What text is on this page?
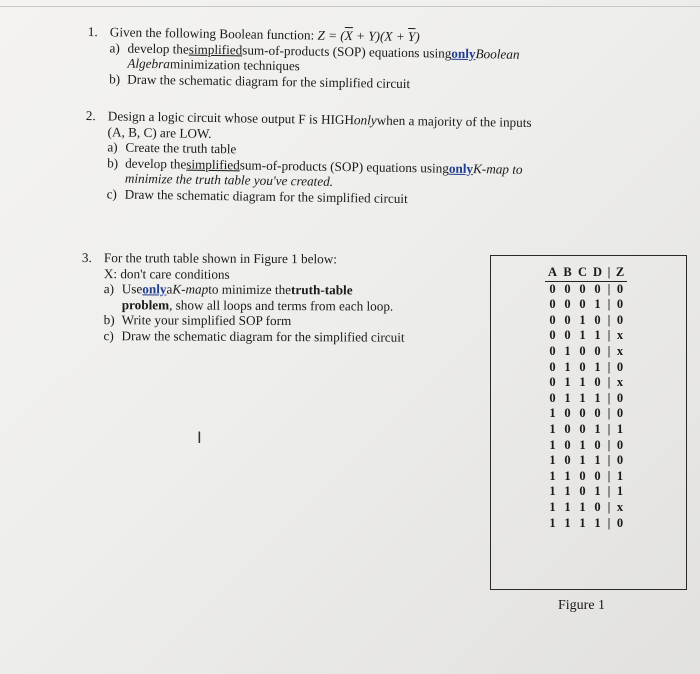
1. Given the following Boolean function:
$Z = (\overline{X} + Y)(X + \overline{Y})$
a) develop the simplified sum-of-products (SOP) equations using only Boolean
Algebra minimization techniques
b) Draw the schematic diagram for the simplified circuit
2. Design a logic circuit whose output F is HIGH only when a majority of the inputs
(A, B, C) are LOW.
a) Create the truth table
b) develop the simplified sum-of-products (SOP) equations using only K-map to
minimize the truth table you've created.
c) Draw the schematic diagram for the simplified circuit
3. For the truth table shown in Figure 1 below:
X: don't care conditions
a) Use only a K-map to minimize the truth-table
problem , show all loops and terms from each loop.
b) Write your simplified SOP form
c) Draw the schematic diagram for the simplified circuit
I
A B C D | Z
0 0 0 0 | 0
0 0 0 1 | 0
0 0 1 0 | 0
0 0 1 1 | x
0 1 0 0 | x
0 1 0 1 | 0
0 1 1 0 | x
0 1 1 1 | 0
1 0 0 0 | 0
1 0 0 1 | 1
1 0 1 0 | 0
1 0 1 1 | 0
1 1 0 0 | 1
1 1 0 1 | 1
1 1 1 0 | x
1 1 1 1 | 0
Figure 1
